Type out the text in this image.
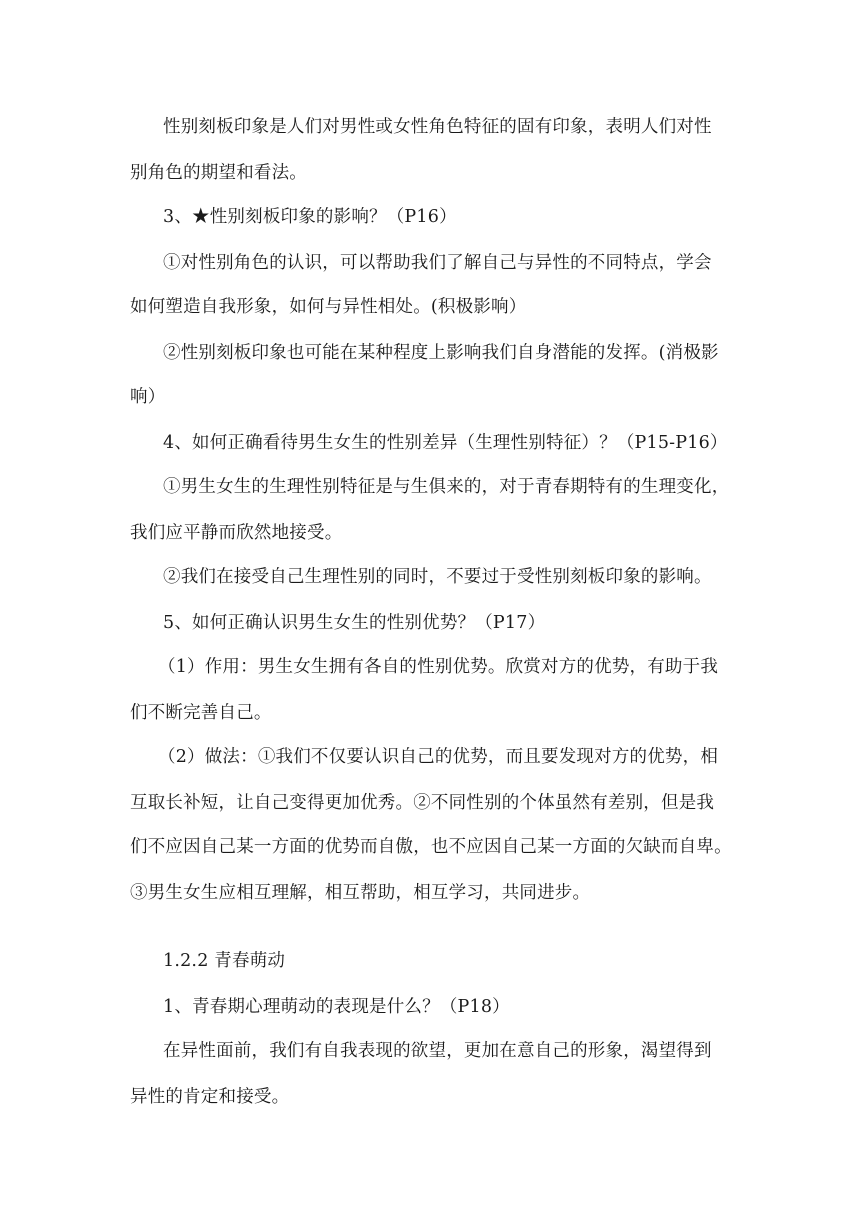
性别刻板印象是人们对男性或女性角色特征的固有印象，表明人们对性
别角色的期望和看法。
3、★性别刻板印象的影响？（P16）
①对性别角色的认识，可以帮助我们了解自己与异性的不同特点，学会
如何塑造自我形象，如何与异性相处。(积极影响）
②性别刻板印象也可能在某种程度上影响我们自身潜能的发挥。(消极影
响）
4、如何正确看待男生女生的性别差异（生理性别特征）？（P15-P16）
①男生女生的生理性别特征是与生俱来的，对于青春期特有的生理变化，
我们应平静而欣然地接受。
②我们在接受自己生理性别的同时，不要过于受性别刻板印象的影响。
5、如何正确认识男生女生的性别优势？（P17）
（1）作用：男生女生拥有各自的性别优势。欣赏对方的优势，有助于我
们不断完善自己。
（2）做法：①我们不仅要认识自己的优势，而且要发现对方的优势，相
互取长补短，让自己变得更加优秀。②不同性别的个体虽然有差别，但是我
们不应因自己某一方面的优势而自傲，也不应因自己某一方面的欠缺而自卑。
③男生女生应相互理解，相互帮助，相互学习，共同进步。
1.2.2 青春萌动
1、青春期心理萌动的表现是什么？（P18）
在异性面前，我们有自我表现的欲望，更加在意自己的形象，渴望得到
异性的肯定和接受。
